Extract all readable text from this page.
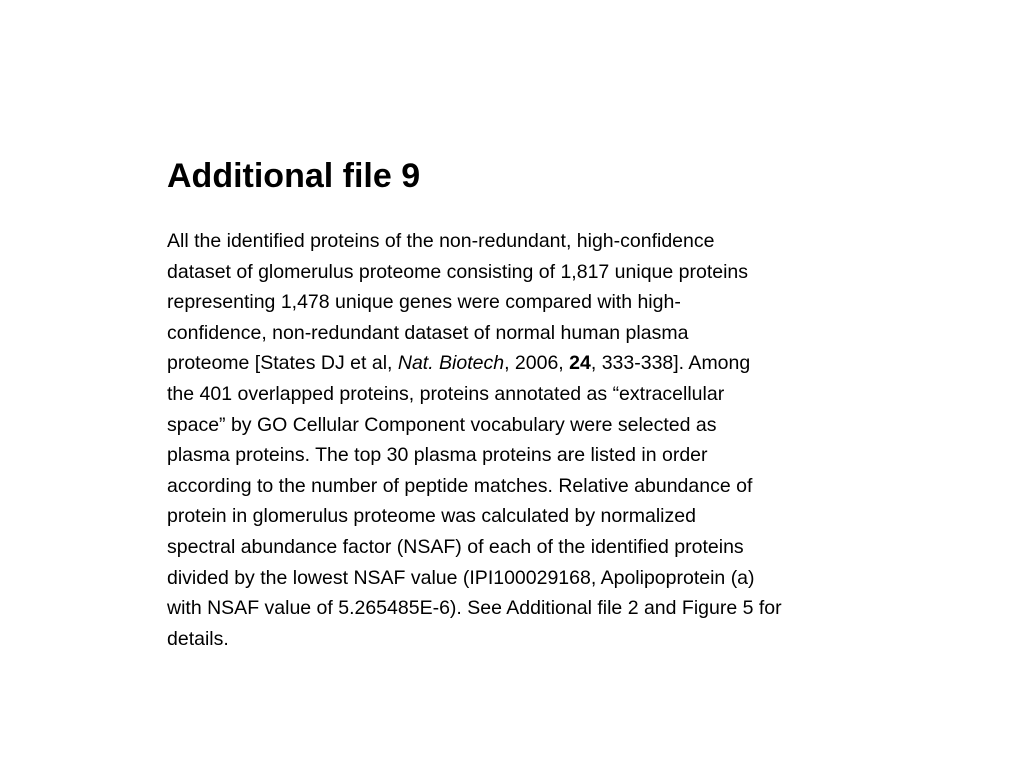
Additional file 9
All the identified proteins of the non-redundant, high-confidence
dataset of glomerulus proteome consisting of 1,817 unique proteins
representing 1,478 unique genes were compared with high-
confidence, non-redundant dataset of normal human plasma
proteome [States DJ et al, Nat. Biotech, 2006, 24, 333-338]. Among
the 401 overlapped proteins, proteins annotated as “extracellular
space” by GO Cellular Component vocabulary were selected as
plasma proteins. The top 30 plasma proteins are listed in order
according to the number of peptide matches. Relative abundance of
protein in glomerulus proteome was calculated by normalized
spectral abundance factor (NSAF) of each of the identified proteins
divided by the lowest NSAF value (IPI100029168, Apolipoprotein (a)
with NSAF value of 5.265485E-6). See Additional file 2 and Figure 5 for
details.
